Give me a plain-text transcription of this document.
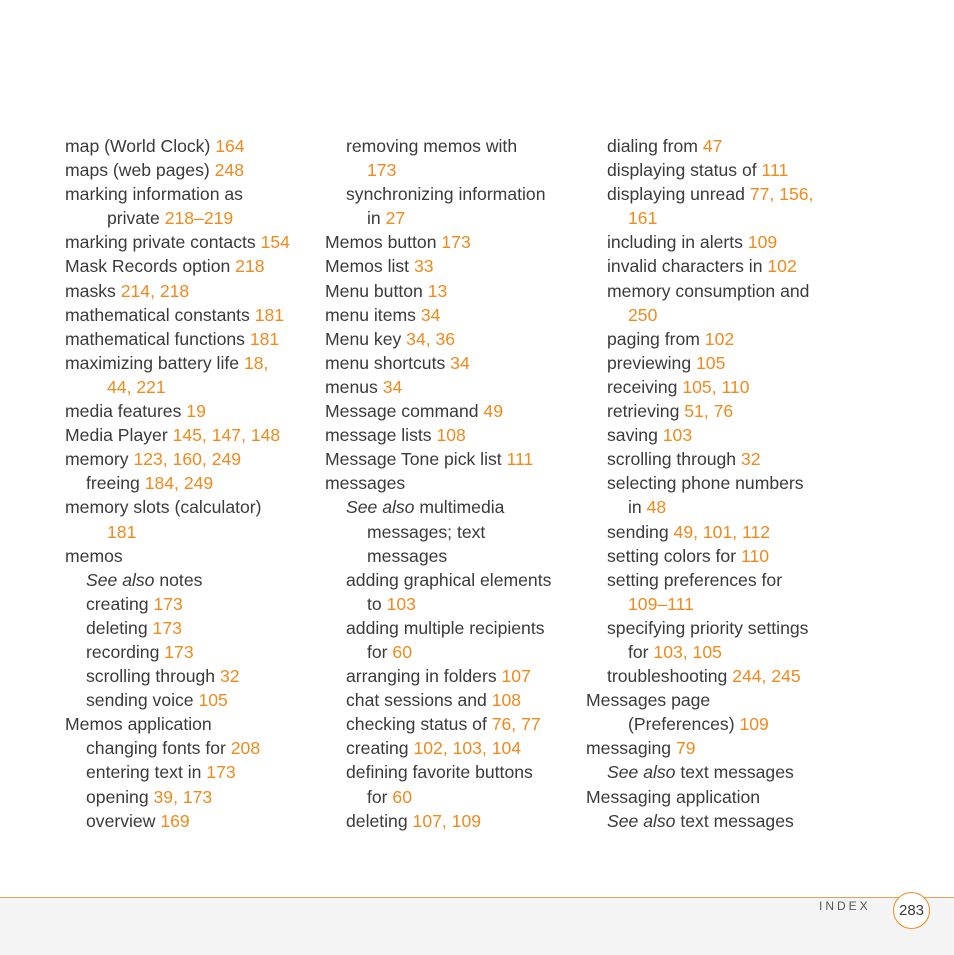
map (World Clock) 164
maps (web pages) 248
marking information as
private 218–219
marking private contacts 154
Mask Records option 218
masks 214, 218
mathematical constants 181
mathematical functions 181
maximizing battery life 18,
44, 221
media features 19
Media Player 145, 147, 148
memory 123, 160, 249
freeing 184, 249
memory slots (calculator)
181
memos
See also notes
creating 173
deleting 173
recording 173
scrolling through 32
sending voice 105
Memos application
changing fonts for 208
entering text in 173
opening 39, 173
overview 169
removing memos with
173
synchronizing information
in 27
Memos button 173
Memos list 33
Menu button 13
menu items 34
Menu key 34, 36
menu shortcuts 34
menus 34
Message command 49
message lists 108
Message Tone pick list 111
messages
See also multimedia
messages; text
messages
adding graphical elements
to 103
adding multiple recipients
for 60
arranging in folders 107
chat sessions and 108
checking status of 76, 77
creating 102, 103, 104
defining favorite buttons
for 60
deleting 107, 109
dialing from 47
displaying status of 111
displaying unread 77, 156,
161
including in alerts 109
invalid characters in 102
memory consumption and
250
paging from 102
previewing 105
receiving 105, 110
retrieving 51, 76
saving 103
scrolling through 32
selecting phone numbers
in 48
sending 49, 101, 112
setting colors for 110
setting preferences for
109–111
specifying priority settings
for 103, 105
troubleshooting 244, 245
Messages page
(Preferences) 109
messaging 79
See also text messages
Messaging application
See also text messages
INDEX	283
